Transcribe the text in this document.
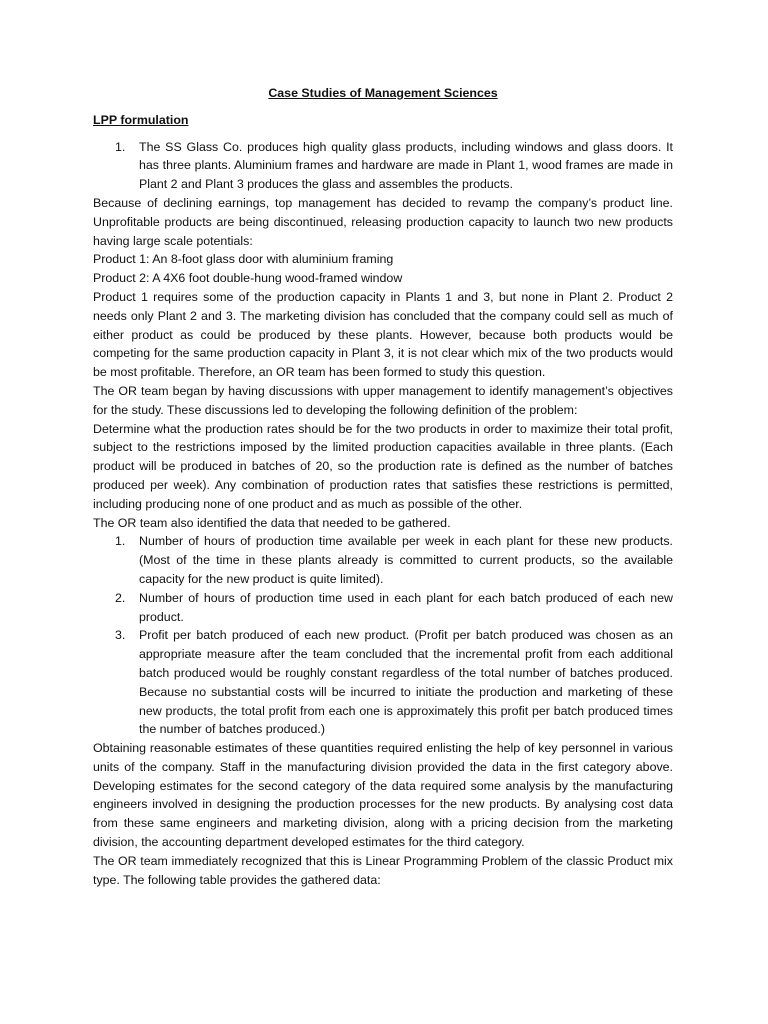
Case Studies of Management Sciences
LPP formulation
1. The SS Glass Co. produces high quality glass products, including windows and glass doors. It has three plants. Aluminium frames and hardware are made in Plant 1, wood frames are made in Plant 2 and Plant 3 produces the glass and assembles the products.

Because of declining earnings, top management has decided to revamp the company’s product line. Unprofitable products are being discontinued, releasing production capacity to launch two new products having large scale potentials:

Product 1: An 8-foot glass door with aluminium framing

Product 2: A 4X6 foot double-hung wood-framed window

Product 1 requires some of the production capacity in Plants 1 and 3, but none in Plant 2. Product 2 needs only Plant 2 and 3. The marketing division has concluded that the company could sell as much of either product as could be produced by these plants. However, because both products would be competing for the same production capacity in Plant 3, it is not clear which mix of the two products would be most profitable. Therefore, an OR team has been formed to study this question.

The OR team began by having discussions with upper management to identify management’s objectives for the study. These discussions led to developing the following definition of the problem:

Determine what the production rates should be for the two products in order to maximize their total profit, subject to the restrictions imposed by the limited production capacities available in three plants. (Each product will be produced in batches of 20, so the production rate is defined as the number of batches produced per week). Any combination of production rates that satisfies these restrictions is permitted, including producing none of one product and as much as possible of the other.

The OR team also identified the data that needed to be gathered.

1. Number of hours of production time available per week in each plant for these new products. (Most of the time in these plants already is committed to current products, so the available capacity for the new product is quite limited).
2. Number of hours of production time used in each plant for each batch produced of each new product.
3. Profit per batch produced of each new product. (Profit per batch produced was chosen as an appropriate measure after the team concluded that the incremental profit from each additional batch produced would be roughly constant regardless of the total number of batches produced. Because no substantial costs will be incurred to initiate the production and marketing of these new products, the total profit from each one is approximately this profit per batch produced times the number of batches produced.)

Obtaining reasonable estimates of these quantities required enlisting the help of key personnel in various units of the company. Staff in the manufacturing division provided the data in the first category above. Developing estimates for the second category of the data required some analysis by the manufacturing engineers involved in designing the production processes for the new products. By analysing cost data from these same engineers and marketing division, along with a pricing decision from the marketing division, the accounting department developed estimates for the third category.

The OR team immediately recognized that this is Linear Programming Problem of the classic Product mix type. The following table provides the gathered data:
